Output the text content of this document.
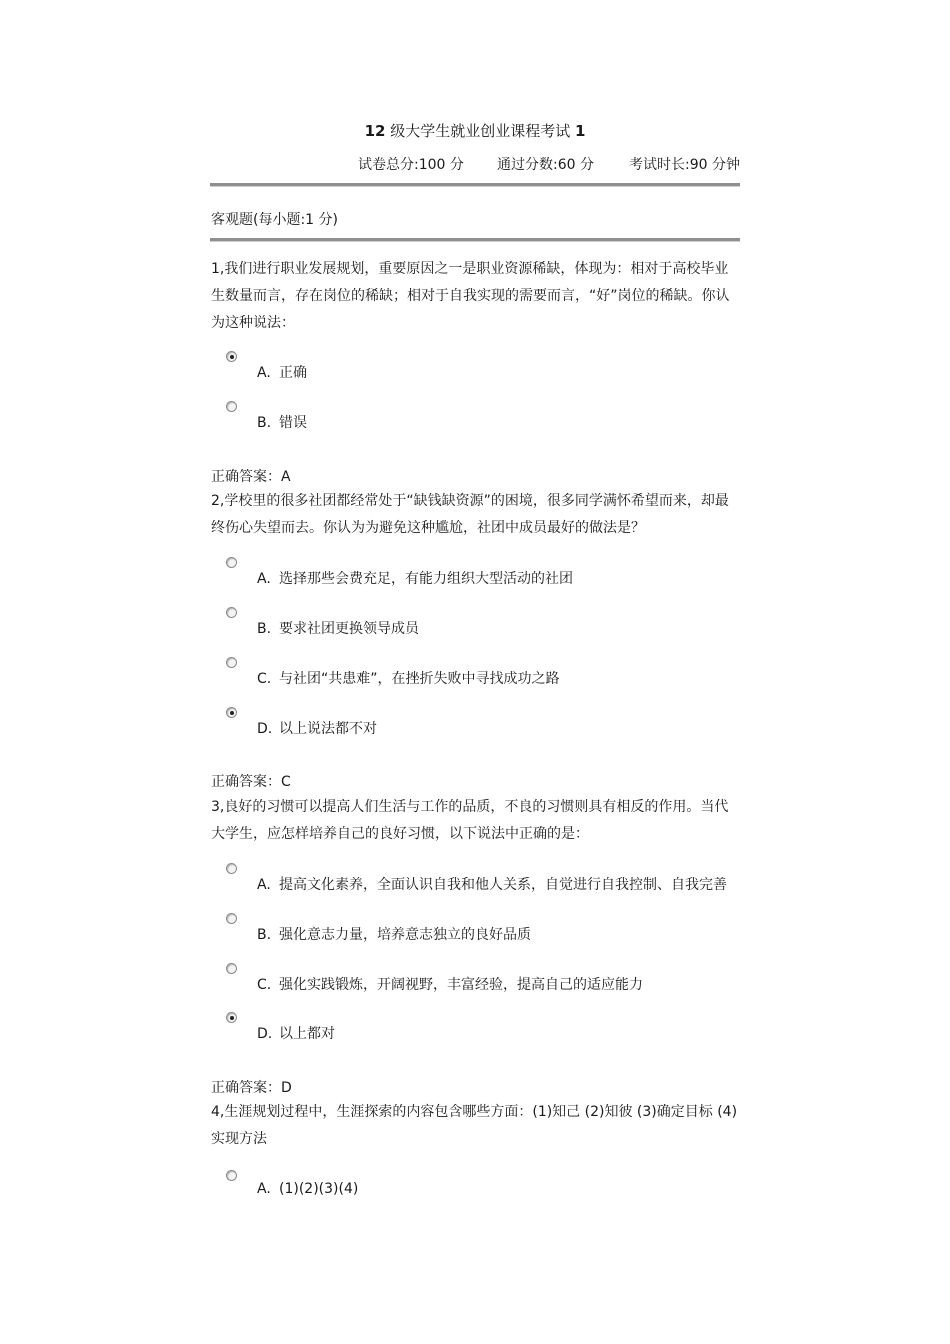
12 级大学生就业创业课程考试 1
试卷总分:100 分 通过分数:60 分	考试时长:90 分钟
客观题(每小题:1 分)
1,我们进行职业发展规划，重要原因之一是职业资源稀缺，体现为：相对于高校毕业
生数量而言，存在岗位的稀缺；相对于自我实现的需要而言，“好”岗位的稀缺。你认
为这种说法：
A. 正确
B. 错误
正确答案：A
2,学校里的很多社团都经常处于“缺钱缺资源”的困境，很多同学满怀希望而来，却最
终伤心失望而去。你认为为避免这种尴尬，社团中成员最好的做法是？
A. 选择那些会费充足，有能力组织大型活动的社团
B. 要求社团更换领导成员
C. 与社团“共患难”，在挫折失败中寻找成功之路
D. 以上说法都不对
正确答案：C
3,良好的习惯可以提高人们生活与工作的品质，不良的习惯则具有相反的作用。当代
大学生，应怎样培养自己的良好习惯，以下说法中正确的是：
A. 提高文化素养，全面认识自我和他人关系，自觉进行自我控制、自我完善
B. 强化意志力量，培养意志独立的良好品质
C. 强化实践锻炼，开阔视野，丰富经验，提高自己的适应能力
D. 以上都对
正确答案：D
4,生涯规划过程中，生涯探索的内容包含哪些方面：(1)知己 (2)知彼 (3)确定目标 (4)
实现方法
A. (1)(2)(3)(4)
